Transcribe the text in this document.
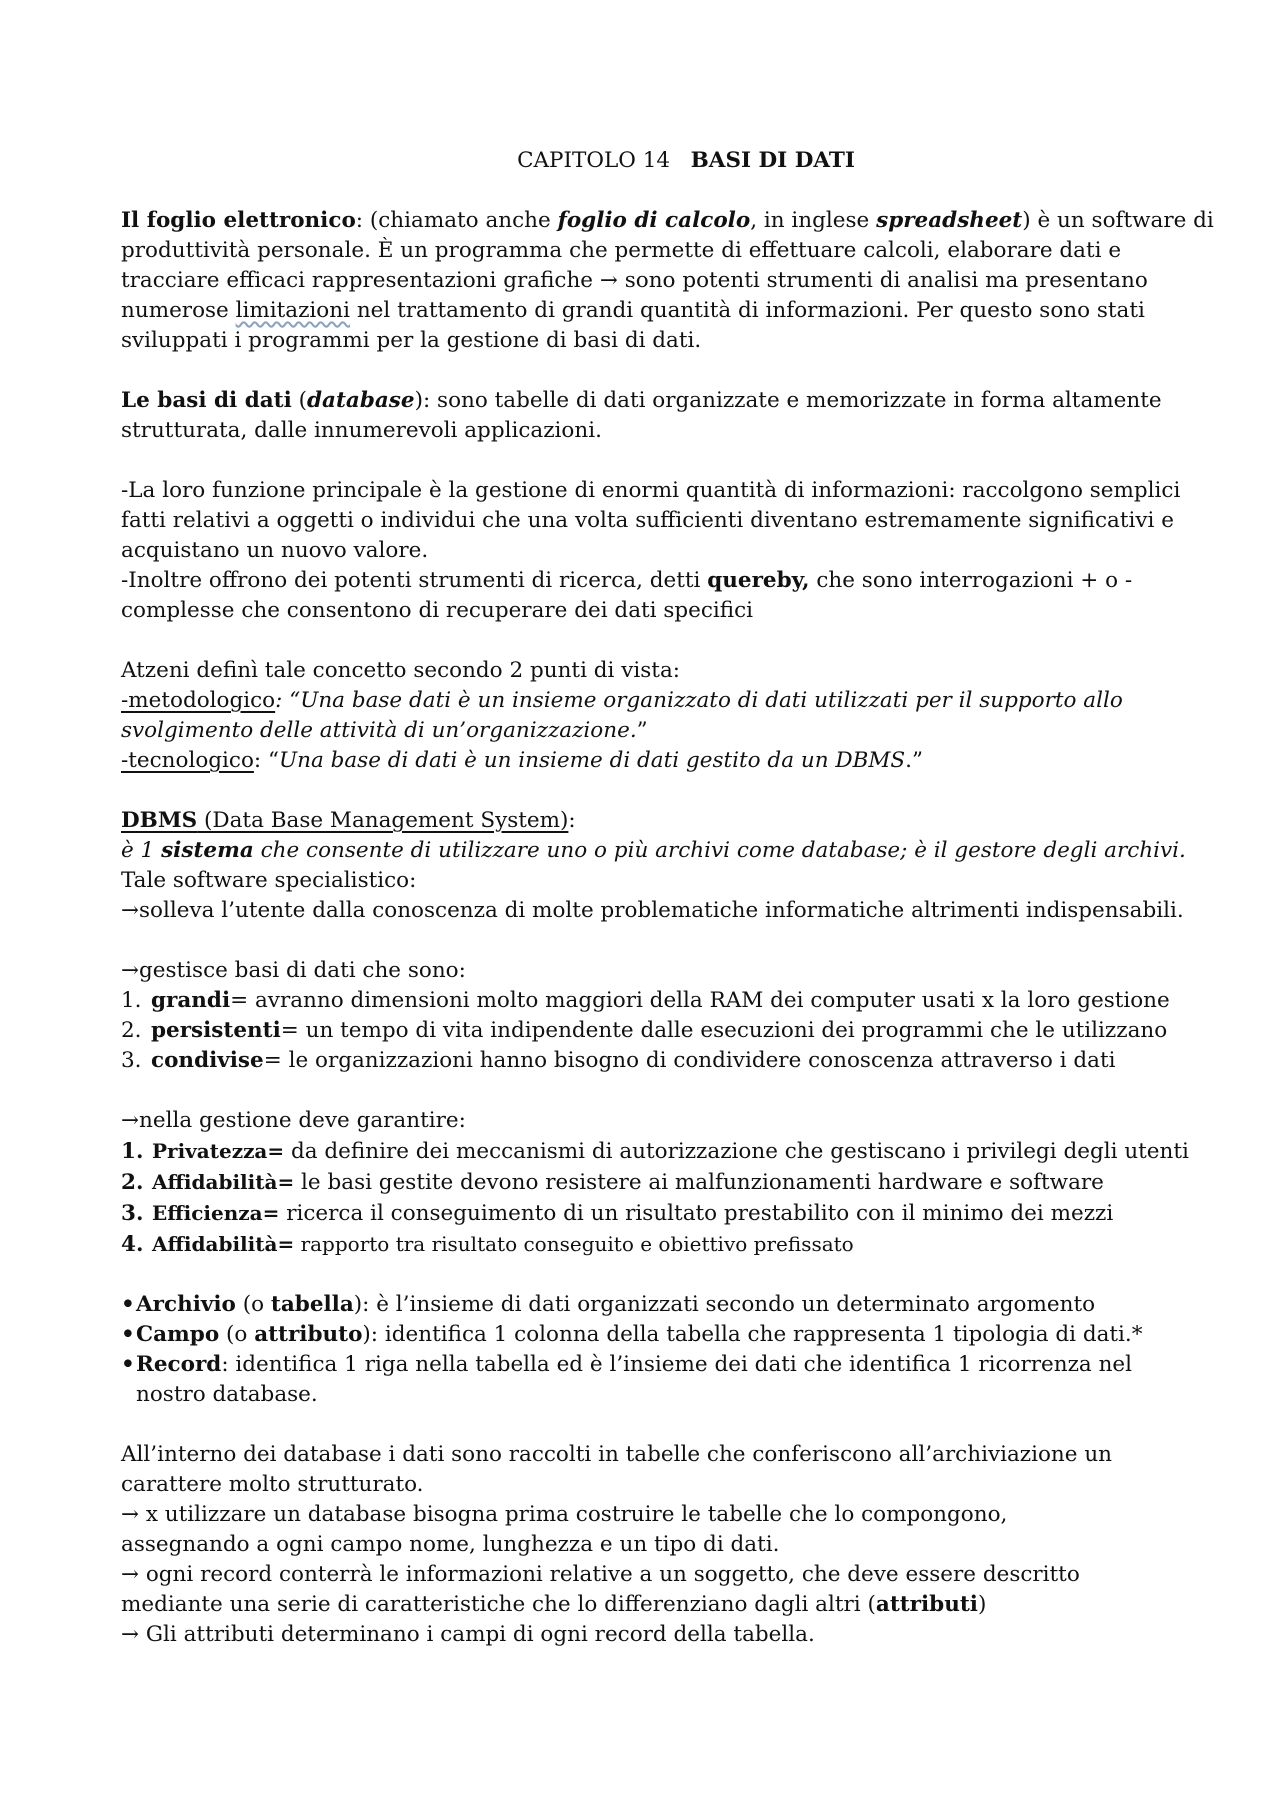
CAPITOLO 14 BASI DI DATI

Il foglio elettronico: (chiamato anche foglio di calcolo, in inglese spreadsheet) è un software di

produttività personale. È un programma che permette di effettuare calcoli, elaborare dati e

tracciare efficaci rappresentazioni grafiche → sono potenti strumenti di analisi ma presentano

numerose limitazioni nel trattamento di grandi quantità di informazioni. Per questo sono stati

sviluppati i programmi per la gestione di basi di dati.

Le basi di dati (database): sono tabelle di dati organizzate e memorizzate in forma altamente

strutturata, dalle innumerevoli applicazioni.

-La loro funzione principale è la gestione di enormi quantità di informazioni: raccolgono semplici

fatti relativi a oggetti o individui che una volta sufficienti diventano estremamente significativi e

acquistano un nuovo valore.

-Inoltre offrono dei potenti strumenti di ricerca, detti quereby, che sono interrogazioni + o -

complesse che consentono di recuperare dei dati specifici

Atzeni definì tale concetto secondo 2 punti di vista:

-metodologico: “Una base dati è un insieme organizzato di dati utilizzati per il supporto allo

svolgimento delle attività di un’organizzazione.”

-tecnologico: “Una base di dati è un insieme di dati gestito da un DBMS.”

DBMS (Data Base Management System):

è 1 sistema che consente di utilizzare uno o più archivi come database; è il gestore degli archivi.

Tale software specialistico:

→solleva l’utente dalla conoscenza di molte problematiche informatiche altrimenti indispensabili.

→gestisce basi di dati che sono:

1. grandi= avranno dimensioni molto maggiori della RAM dei computer usati x la loro gestione

2. persistenti= un tempo di vita indipendente dalle esecuzioni dei programmi che le utilizzano

3. condivise= le organizzazioni hanno bisogno di condividere conoscenza attraverso i dati

→nella gestione deve garantire:

1. Privatezza= da definire dei meccanismi di autorizzazione che gestiscano i privilegi degli utenti

2. Affidabilità= le basi gestite devono resistere ai malfunzionamenti hardware e software

3. Efficienza= ricerca il conseguimento di un risultato prestabilito con il minimo dei mezzi

4. Affidabilità= rapporto tra risultato conseguito e obiettivo prefissato

•Archivio (o tabella): è l’insieme di dati organizzati secondo un determinato argomento

•Campo (o attributo): identifica 1 colonna della tabella che rappresenta 1 tipologia di dati.*

•Record: identifica 1 riga nella tabella ed è l’insieme dei dati che identifica 1 ricorrenza nel

nostro database.

All’interno dei database i dati sono raccolti in tabelle che conferiscono all’archiviazione un

carattere molto strutturato.

→ x utilizzare un database bisogna prima costruire le tabelle che lo compongono,

assegnando a ogni campo nome, lunghezza e un tipo di dati.

→ ogni record conterrà le informazioni relative a un soggetto, che deve essere descritto

mediante una serie di caratteristiche che lo differenziano dagli altri (attributi)

→ Gli attributi determinano i campi di ogni record della tabella.
